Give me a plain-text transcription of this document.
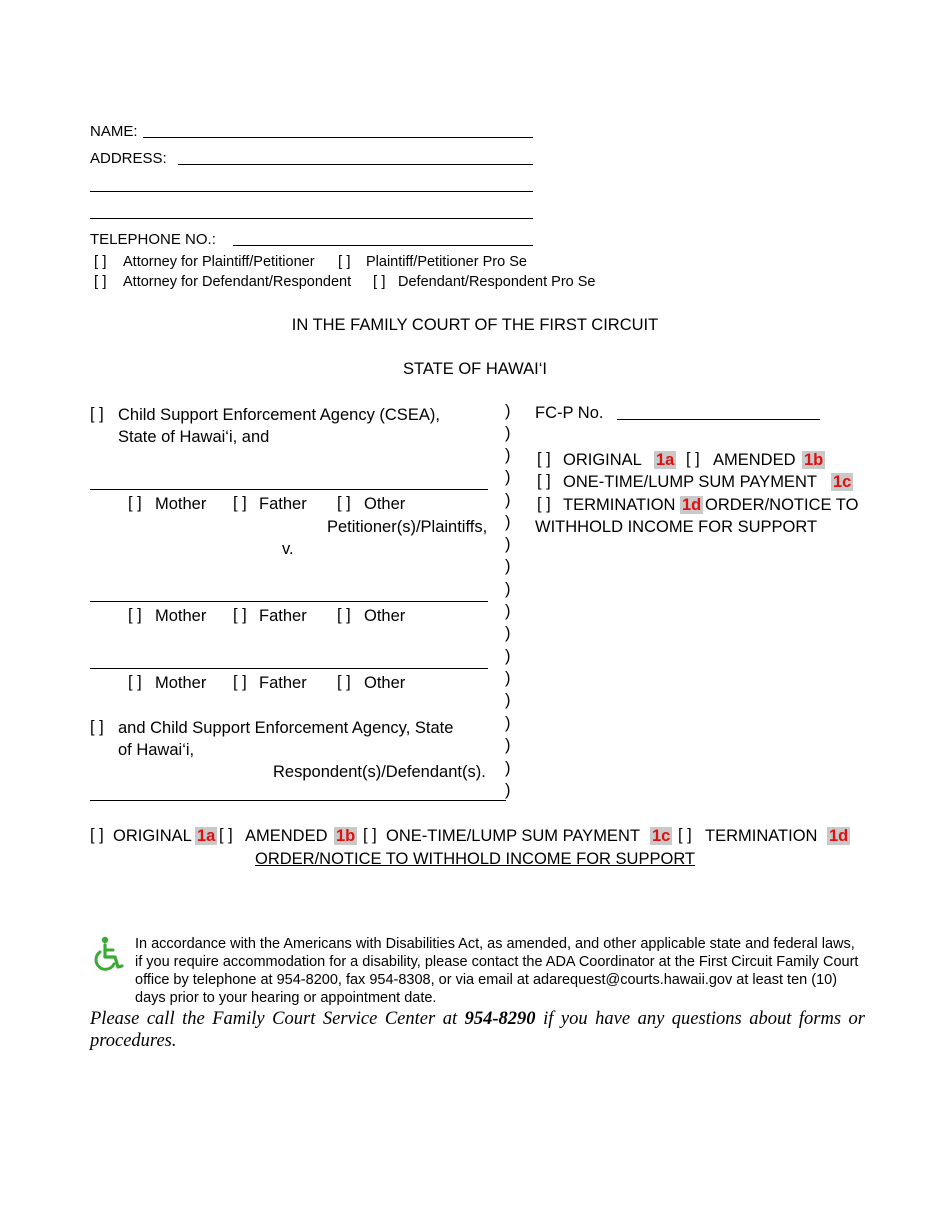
NAME:
ADDRESS:
TELEPHONE NO.:
[ ] Attorney for Plaintiff/Petitioner [ ] Plaintiff/Petitioner Pro Se
[ ] Attorney for Defendant/Respondent [ ] Defendant/Respondent Pro Se
IN THE FAMILY COURT OF THE FIRST CIRCUIT
STATE OF HAWAI‘I
[ ] Child Support Enforcement Agency (CSEA),
State of Hawai‘i, and
[ ] Mother [ ] Father [ ] Other
Petitioner(s)/Plaintiffs,
v.
[ ] Mother [ ] Father [ ] Other
[ ] Mother [ ] Father [ ] Other
[ ] and Child Support Enforcement Agency, State
of Hawai‘i,
Respondent(s)/Defendant(s).
)
)
)
)
)
)
)
)
)
)
)
)
)
)
)
)
)
)
FC-P No.
[ ] ORIGINAL 1a [ ] AMENDED 1b
[ ] ONE-TIME/LUMP SUM PAYMENT 1c
[ ] TERMINATION 1d ORDER/NOTICE TO
WITHHOLD INCOME FOR SUPPORT
[ ] ORIGINAL 1a [ ] AMENDED 1b [ ] ONE-TIME/LUMP SUM PAYMENT 1c [ ] TERMINATION 1d
ORDER/NOTICE TO WITHHOLD INCOME FOR SUPPORT
In accordance with the Americans with Disabilities Act, as amended, and other applicable state and federal laws, if you require accommodation for a disability, please contact the ADA Coordinator at the First Circuit Family Court office by telephone at 954-8200, fax 954-8308, or via email at adarequest@courts.hawaii.gov at least ten (10) days prior to your hearing or appointment date.
Please call the Family Court Service Center at 954-8290 if you have any questions about forms or procedures.
